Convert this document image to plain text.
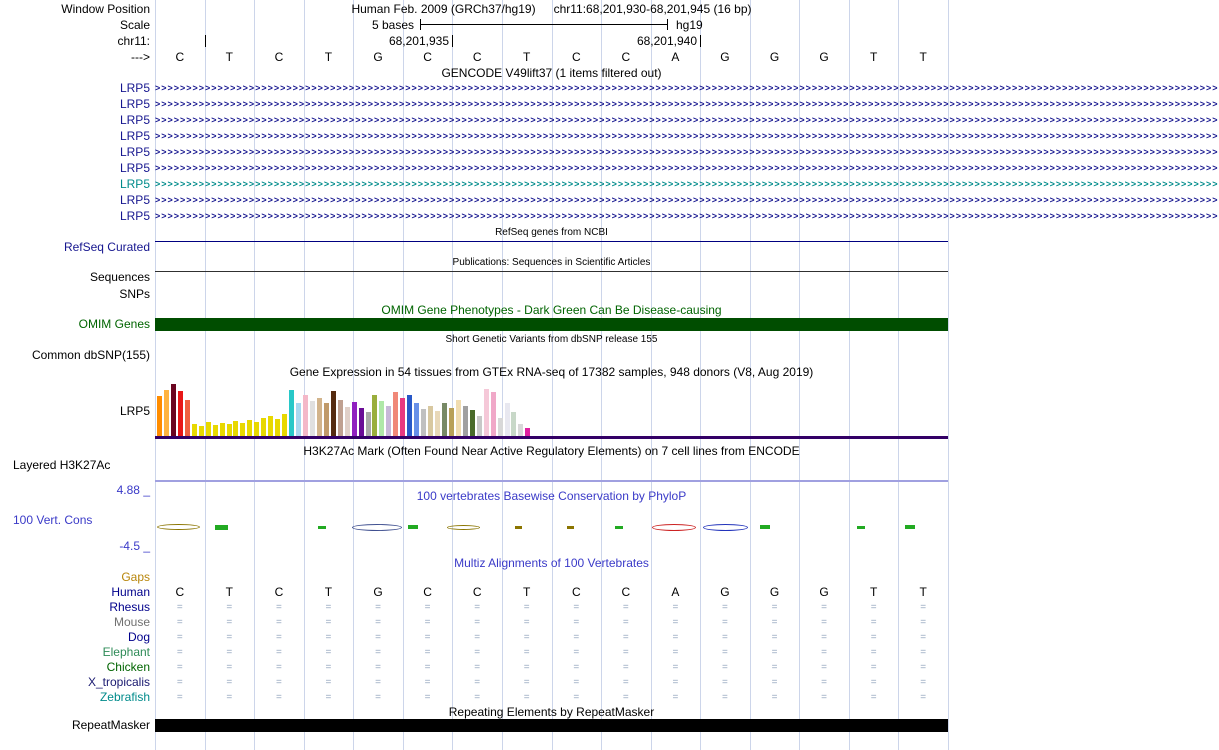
Window Position	Human Feb. 2009 (GRCh37/hg19) chr11:68,201,930-68,201,945 (16 bp)
Scale	5 bases	hg19
chr11:	68,201,935	68,201,940
--->	C	T	C	T	G	C	C	T	C	C	A	G	G	G	T	T
GENCODE V49lift37 (1 items filtered out)
LRP5 >>>>>>>>>>>>>>>>>>>>>>>>>>>>>>>>>>>>>>>>>>>>>>>>>>>>>>>>>>>>>>>>>>>>>>>>>>>>>>>>>>>>>>>>>>>>>>>>>>>>>>>>>>>>>>>>>>>>>>>>>>>>>>>>>>>>>>>>>>>>>>>>>>>>>>>>>>>>>>>>>>>>>>>>>>
LRP5 >>>>>>>>>>>>>>>>>>>>>>>>>>>>>>>>>>>>>>>>>>>>>>>>>>>>>>>>>>>>>>>>>>>>>>>>>>>>>>>>>>>>>>>>>>>>>>>>>>>>>>>>>>>>>>>>>>>>>>>>>>>>>>>>>>>>>>>>>>>>>>>>>>>>>>>>>>>>>>>>>>>>>>>>>>
LRP5 >>>>>>>>>>>>>>>>>>>>>>>>>>>>>>>>>>>>>>>>>>>>>>>>>>>>>>>>>>>>>>>>>>>>>>>>>>>>>>>>>>>>>>>>>>>>>>>>>>>>>>>>>>>>>>>>>>>>>>>>>>>>>>>>>>>>>>>>>>>>>>>>>>>>>>>>>>>>>>>>>>>>>>>>>>
LRP5 >>>>>>>>>>>>>>>>>>>>>>>>>>>>>>>>>>>>>>>>>>>>>>>>>>>>>>>>>>>>>>>>>>>>>>>>>>>>>>>>>>>>>>>>>>>>>>>>>>>>>>>>>>>>>>>>>>>>>>>>>>>>>>>>>>>>>>>>>>>>>>>>>>>>>>>>>>>>>>>>>>>>>>>>>>
LRP5 >>>>>>>>>>>>>>>>>>>>>>>>>>>>>>>>>>>>>>>>>>>>>>>>>>>>>>>>>>>>>>>>>>>>>>>>>>>>>>>>>>>>>>>>>>>>>>>>>>>>>>>>>>>>>>>>>>>>>>>>>>>>>>>>>>>>>>>>>>>>>>>>>>>>>>>>>>>>>>>>>>>>>>>>>>
LRP5 >>>>>>>>>>>>>>>>>>>>>>>>>>>>>>>>>>>>>>>>>>>>>>>>>>>>>>>>>>>>>>>>>>>>>>>>>>>>>>>>>>>>>>>>>>>>>>>>>>>>>>>>>>>>>>>>>>>>>>>>>>>>>>>>>>>>>>>>>>>>>>>>>>>>>>>>>>>>>>>>>>>>>>>>>>
LRP5 >>>>>>>>>>>>>>>>>>>>>>>>>>>>>>>>>>>>>>>>>>>>>>>>>>>>>>>>>>>>>>>>>>>>>>>>>>>>>>>>>>>>>>>>>>>>>>>>>>>>>>>>>>>>>>>>>>>>>>>>>>>>>>>>>>>>>>>>>>>>>>>>>>>>>>>>>>>>>>>>>>>>>>>>>>
LRP5 >>>>>>>>>>>>>>>>>>>>>>>>>>>>>>>>>>>>>>>>>>>>>>>>>>>>>>>>>>>>>>>>>>>>>>>>>>>>>>>>>>>>>>>>>>>>>>>>>>>>>>>>>>>>>>>>>>>>>>>>>>>>>>>>>>>>>>>>>>>>>>>>>>>>>>>>>>>>>>>>>>>>>>>>>>
LRP5 >>>>>>>>>>>>>>>>>>>>>>>>>>>>>>>>>>>>>>>>>>>>>>>>>>>>>>>>>>>>>>>>>>>>>>>>>>>>>>>>>>>>>>>>>>>>>>>>>>>>>>>>>>>>>>>>>>>>>>>>>>>>>>>>>>>>>>>>>>>>>>>>>>>>>>>>>>>>>>>>>>>>>>>>>>
RefSeq genes from NCBI
RefSeq Curated
Publications: Sequences in Scientific Articles
Sequences
SNPs
OMIM Gene Phenotypes - Dark Green Can Be Disease-causing
OMIM Genes
Short Genetic Variants from dbSNP release 155
Common dbSNP(155)
Gene Expression in 54 tissues from GTEx RNA-seq of 17382 samples, 948 donors (V8, Aug 2019)
LRP5
H3K27Ac Mark (Often Found Near Active Regulatory Elements) on 7 cell lines from ENCODE
Layered H3K27Ac
4.88 _	100 vertebrates Basewise Conservation by PhyloP
100 Vert. Cons
-4.5 _
Multiz Alignments of 100 Vertebrates
Gaps
Human	C	T	C	T	G	C	C	T	C	C	A	G	G	G	T	T
Rhesus	=	=	=	=	=	=	=	=	=	=	=	=	=	=	=	=
Mouse	=	=	=	=	=	=	=	=	=	=	=	=	=	=	=	=
Dog	=	=	=	=	=	=	=	=	=	=	=	=	=	=	=	=
Elephant	=	=	=	=	=	=	=	=	=	=	=	=	=	=	=	=
Chicken	=	=	=	=	=	=	=	=	=	=	=	=	=	=	=	=
X_tropicalis	=	=	=	=	=	=	=	=	=	=	=	=	=	=	=	=
Zebrafish	=	=	=	=	=	=	=	=	=	=	=	=	=	=	=	=
Repeating Elements by RepeatMasker
RepeatMasker
